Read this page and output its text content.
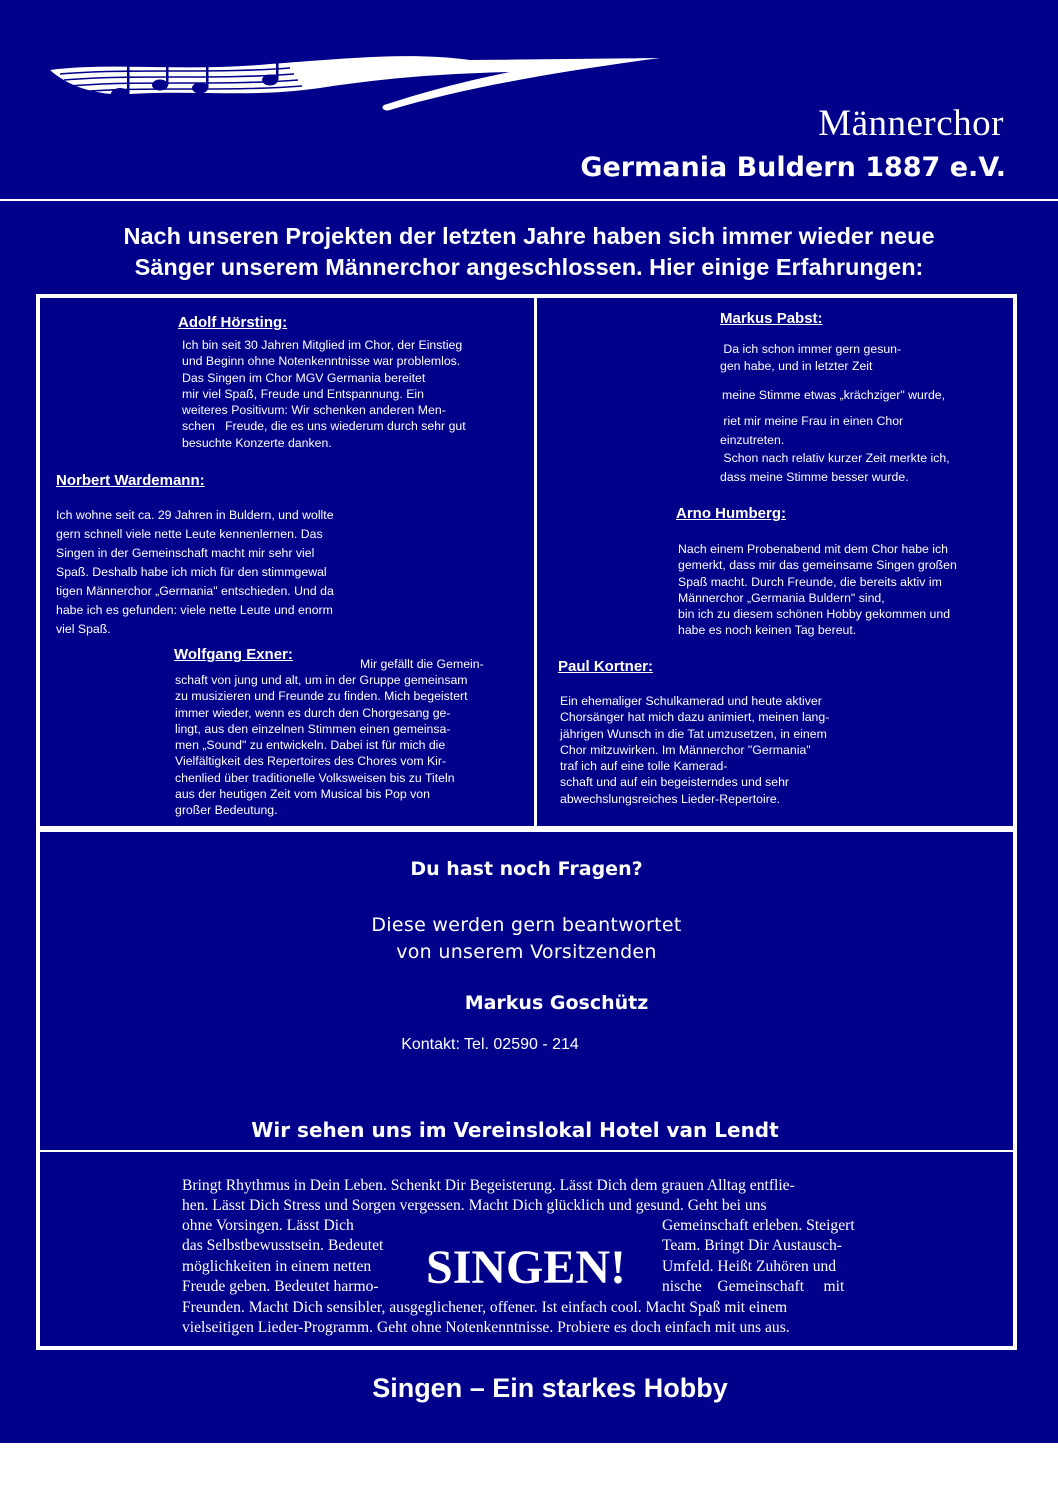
Männerchor
Germania Buldern 1887 e.V.
Nach unseren Projekten der letzten Jahre haben sich immer wieder neue
Sänger unserem Männerchor angeschlossen. Hier einige Erfahrungen:
Adolf Hörsting:
Ich bin seit 30 Jahren Mitglied im Chor, der Einstieg
und Beginn ohne Notenkenntnisse war problemlos.
Das Singen im Chor MGV Germania bereitet
mir viel Spaß, Freude und Entspannung. Ein
weiteres Positivum: Wir schenken anderen Men-
schen   Freude, die es uns wiederum durch sehr gut
besuchte Konzerte danken.
Norbert Wardemann:
Ich wohne seit ca. 29 Jahren in Buldern, und wollte
gern schnell viele nette Leute kennenlernen. Das
Singen in der Gemeinschaft macht mir sehr viel
Spaß. Deshalb habe ich mich für den stimmgewal
tigen Männerchor „Germania" entschieden. Und da
habe ich es gefunden: viele nette Leute und enorm
viel Spaß.
Wolfgang Exner:
Mir gefällt die Gemein-
schaft von jung und alt, um in der Gruppe gemeinsam
zu musizieren und Freunde zu finden. Mich begeistert
immer wieder, wenn es durch den Chorgesang ge-
lingt, aus den einzelnen Stimmen einen gemeinsa-
men „Sound" zu entwickeln. Dabei ist für mich die
Vielfältigkeit des Repertoires des Chores vom Kir-
chenlied über traditionelle Volksweisen bis zu Titeln
aus der heutigen Zeit vom Musical bis Pop von
großer Bedeutung.
Markus Pabst:
Da ich schon immer gern gesun-
gen habe, und in letzter Zeit
meine Stimme etwas „krächziger" wurde,
riet mir meine Frau in einen Chor
einzutreten.
Schon nach relativ kurzer Zeit merkte ich,
dass meine Stimme besser wurde.
Arno Humberg:
Nach einem Probenabend mit dem Chor habe ich
gemerkt, dass mir das gemeinsame Singen großen
Spaß macht. Durch Freunde, die bereits aktiv im
Männerchor „Germania Buldern" sind,
bin ich zu diesem schönen Hobby gekommen und
habe es noch keinen Tag bereut.
Paul Kortner:
Ein ehemaliger Schulkamerad und heute aktiver
Chorsänger hat mich dazu animiert, meinen lang-
jährigen Wunsch in die Tat umzusetzen, in einem
Chor mitzuwirken. Im Männerchor "Germania"
traf ich auf eine tolle Kamerad-
schaft und auf ein begeisterndes und sehr
abwechslungsreiches Lieder-Repertoire.
Du hast noch Fragen?
Diese werden gern beantwortet
von unserem Vorsitzenden
Markus Goschütz
Kontakt: Tel. 02590 - 214
Wir sehen uns im Vereinslokal Hotel van Lendt
Bringt Rhythmus in Dein Leben. Schenkt Dir Begeisterung. Lässt Dich dem grauen Alltag entflie-
hen. Lässt Dich Stress und Sorgen vergessen. Macht Dich glücklich und gesund. Geht bei uns
ohne Vorsingen. Lässt Dich
das Selbstbewusstsein. Bedeutet
möglichkeiten in einem netten
Freude geben. Bedeutet harmo-
Gemeinschaft erleben. Steigert
Team. Bringt Dir Austausch-
Umfeld. Heißt Zuhören und
nische    Gemeinschaft     mit
Freunden. Macht Dich sensibler, ausgeglichener, offener. Ist einfach cool. Macht Spaß mit einem
vielseitigen Lieder-Programm. Geht ohne Notenkenntnisse. Probiere es doch einfach mit uns aus.
SINGEN!
Singen – Ein starkes Hobby
